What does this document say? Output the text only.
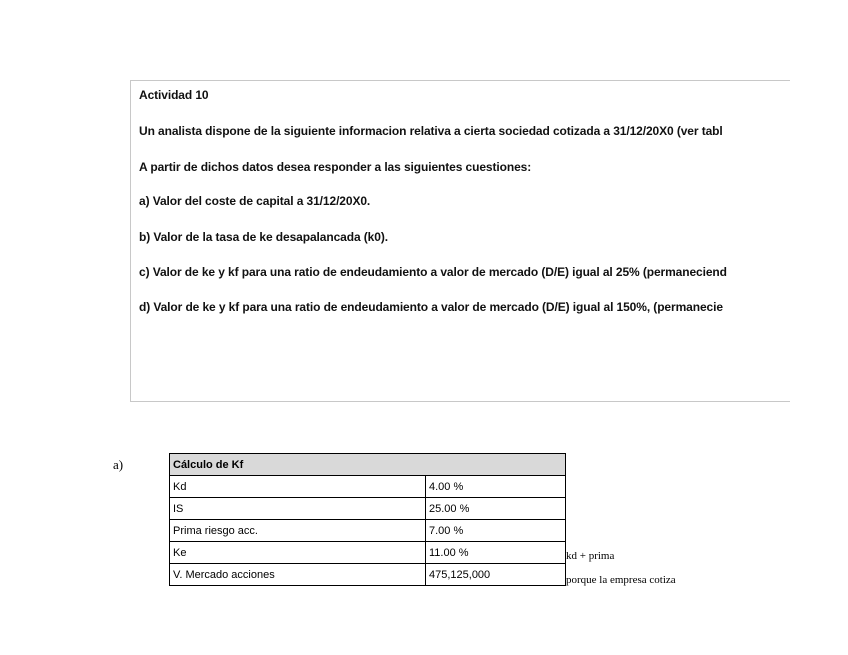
Actividad 10
Un analista dispone de la siguiente informacion relativa a cierta sociedad cotizada a 31/12/20X0 (ver tabl
A partir de dichos datos desea responder a las siguientes cuestiones:
a) Valor del coste de capital a 31/12/20X0.
b) Valor de la tasa de ke desapalancada (k0).
c) Valor de ke y kf para una ratio de endeudamiento a valor de mercado (D/E) igual al 25% (permaneciend
d) Valor de ke y kf para una ratio de endeudamiento a valor de mercado (D/E) igual al 150%, (permanecie
a)	Cálculo de Kf	
Kd	4.00 %
IS	25.00 %
Prima riesgo acc.	7.00 %
Ke	11.00 %
V. Mercado acciones	475,125,000
kd + prima
porque la empresa cotiza
